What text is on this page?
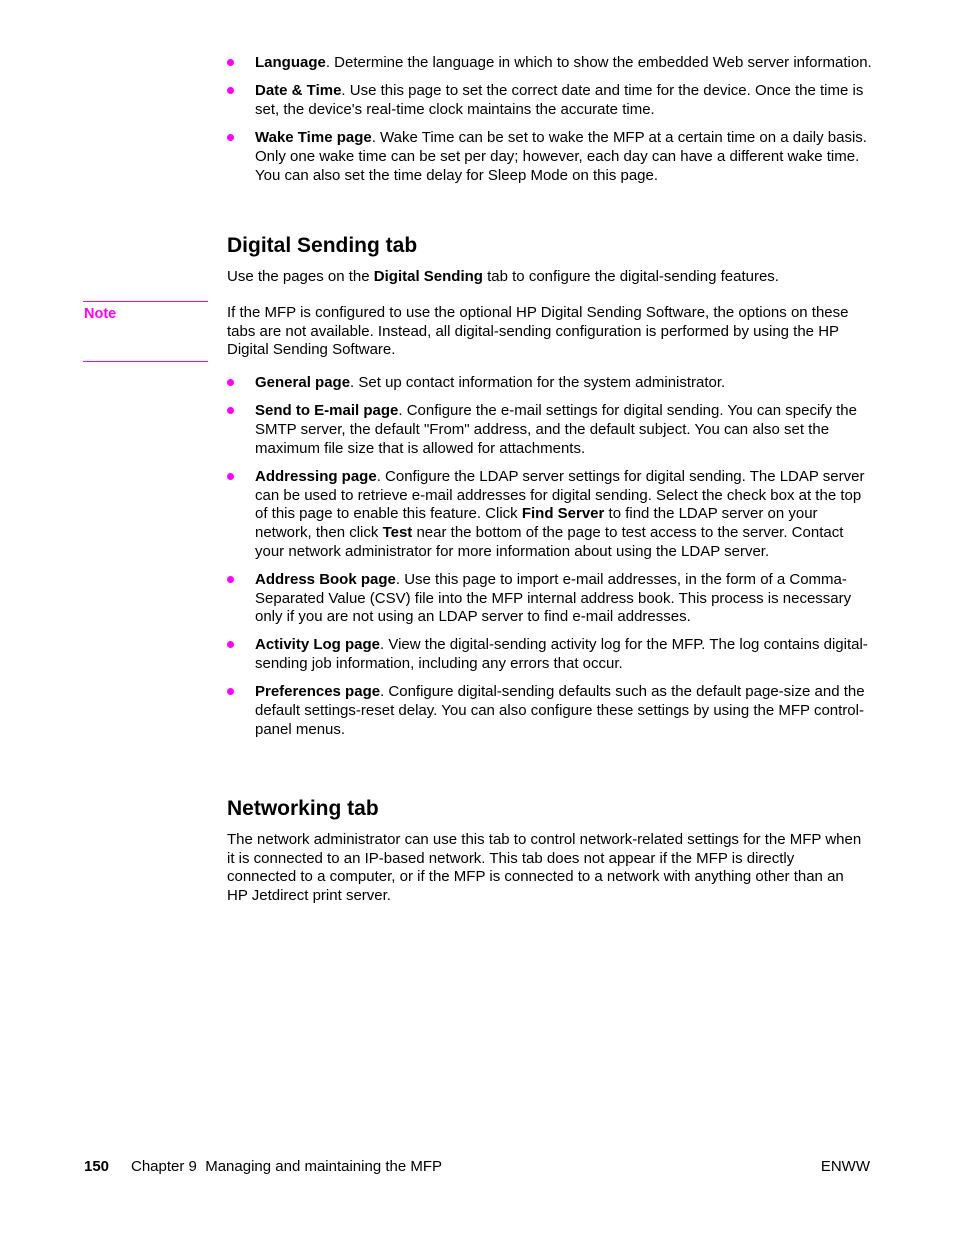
Language. Determine the language in which to show the embedded Web server information.
Date & Time. Use this page to set the correct date and time for the device. Once the time is set, the device's real-time clock maintains the accurate time.
Wake Time page. Wake Time can be set to wake the MFP at a certain time on a daily basis. Only one wake time can be set per day; however, each day can have a different wake time. You can also set the time delay for Sleep Mode on this page.
Digital Sending tab

Use the pages on the Digital Sending tab to configure the digital-sending features.

Note	If the MFP is configured to use the optional HP Digital Sending Software, the options on these tabs are not available. Instead, all digital-sending configuration is performed by using the HP Digital Sending Software.

General page. Set up contact information for the system administrator.
Send to E-mail page. Configure the e-mail settings for digital sending. You can specify the SMTP server, the default "From" address, and the default subject. You can also set the maximum file size that is allowed for attachments.
Addressing page. Configure the LDAP server settings for digital sending. The LDAP server can be used to retrieve e-mail addresses for digital sending. Select the check box at the top of this page to enable this feature. Click Find Server to find the LDAP server on your network, then click Test near the bottom of the page to test access to the server. Contact your network administrator for more information about using the LDAP server.
Address Book page. Use this page to import e-mail addresses, in the form of a Comma-Separated Value (CSV) file into the MFP internal address book. This process is necessary only if you are not using an LDAP server to find e-mail addresses.
Activity Log page. View the digital-sending activity log for the MFP. The log contains digital-sending job information, including any errors that occur.
Preferences page. Configure digital-sending defaults such as the default page-size and the default settings-reset delay. You can also configure these settings by using the MFP control-panel menus.
Networking tab

The network administrator can use this tab to control network-related settings for the MFP when it is connected to an IP-based network. This tab does not appear if the MFP is directly connected to a computer, or if the MFP is connected to a network with anything other than an HP Jetdirect print server.

150 Chapter 9  Managing and maintaining the MFP	ENWW
